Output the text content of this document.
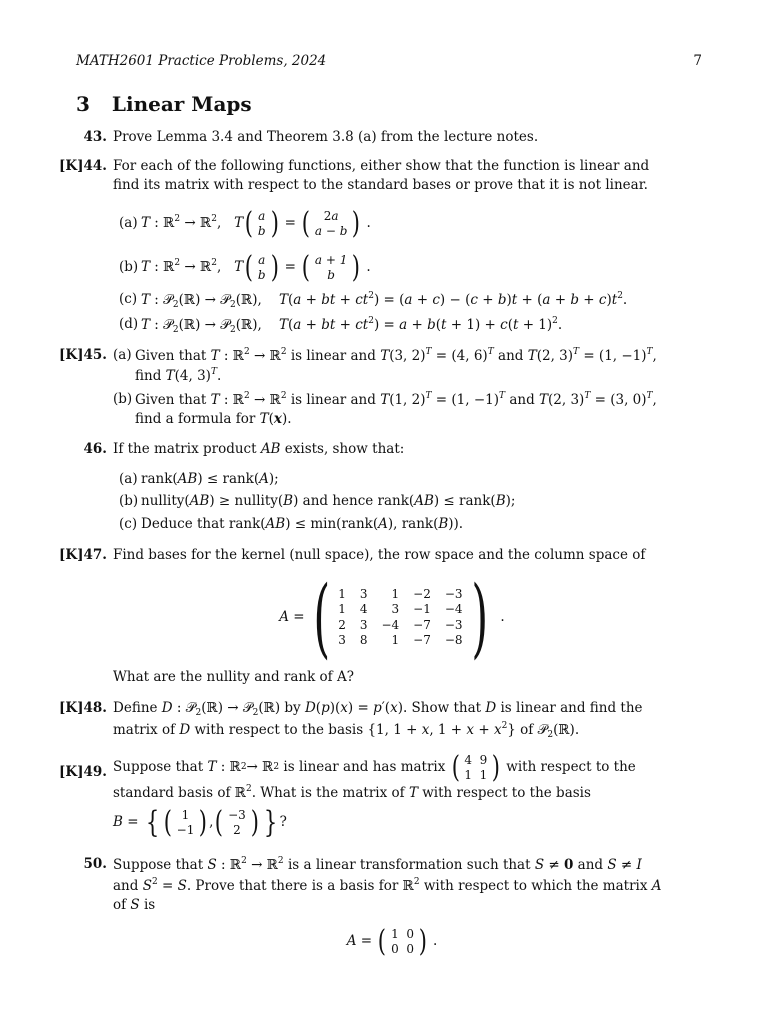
MATH2601 Practice Problems, 2024	7
3 Linear Maps
43. Prove Lemma 3.4 and Theorem 3.8 (a) from the lecture notes.
[K]44. For each of the following functions, either show that the function is linear and find its matrix with respect to the standard bases or prove that it is not linear.
(a) T : ℝ$^2$ → ℝ$^2$,   T ( a
b ) = ( 2a
a − b ) .
(b) T : ℝ$^2$ → ℝ$^2$,   T ( a
b ) = ( a + 1
b ) .
(c) T : 𝒫$_2$(ℝ) → 𝒫$_2$(ℝ),    T(a + bt + $ct^2) = (a + c) - (c + b)t + (a + b + c)t^2$.
(d) T : 𝒫$_2$(ℝ) → 𝒫$_2$(ℝ),    T(a + bt + $ct^2) = a + b(t + 1) + c(t + 1)^2$.
[K]45. (a) Given that T : ℝ$^2$ → ℝ$^2$ is linear and T(3, 2)$^T$ = (4, 6)$^T$ and T(2, 3)$^T$ = (1, −1)$^T$, find T(4, 3)$^T$.
(b) Given that T : ℝ$^2$ → ℝ$^2$ is linear and T(1, 2)$^T$ = (1, −1)$^T$ and T(2, 3)$^T$ = (3, 0)$^T$, find a formula for T(x).
46. If the matrix product AB exists, show that:
(a) rank(AB) ≤ rank(A);
(b) nullity(AB) ≥ nullity(B) and hence rank(AB) ≤ rank(B);
(c) Deduce that rank(AB) ≤ min(rank(A), rank(B)).
[K]47. Find bases for the kernel (null space), the row space and the column space of
A = ( 1 3	1 −2 −3
1 4	3 −1 −4
2 3 −4 −7 −3
3 8	1 −7 −8 ) .
What are the nullity and rank of A?
[K]48. Define D : 𝒫$_2$(ℝ) → 𝒫$_2$(ℝ) by D(p)(x) = p′(x). Show that D is linear and find the matrix of D with respect to the basis {1, 1 + x, $1 + x + x^2$} of 𝒫$_2$(ℝ).
[K]49. Suppose that T : ℝ 2 → ℝ 2 is linear and has matrix ( 4  9
1  1 ) with respect to the standard basis of ℝ$^2$. What is the matrix of T with respect to the basis
B = { ( 1
−1 ) , ( −3
2 ) } ?
50. Suppose that S : ℝ$^2$ → ℝ$^2$ is a linear transformation such that S ≠ 0 and S ≠ I and $S^2 = S$. Prove that there is a basis for ℝ$^2$ with respect to which the matrix A of S is
A = ( 1  0
0  0 ) .
